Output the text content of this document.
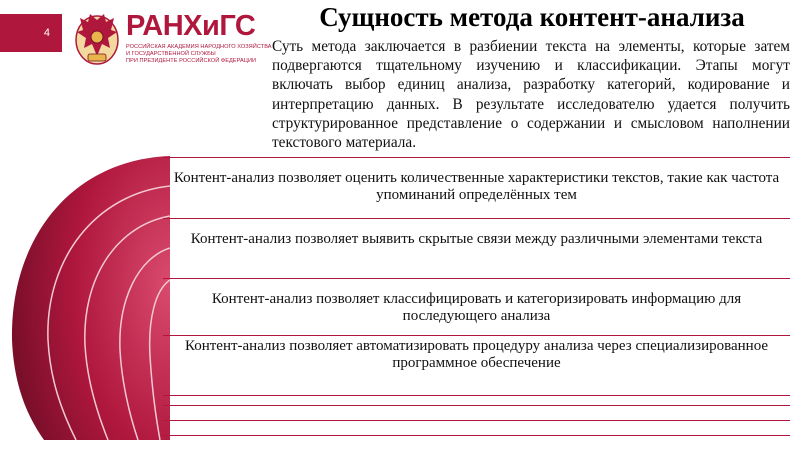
4	РАНХиГС
РОССИЙСКАЯ АКАДЕМИЯ НАРОДНОГО ХОЗЯЙСТВА
И ГОСУДАРСТВЕННОЙ СЛУЖБЫ
ПРИ ПРЕЗИДЕНТЕ РОССИЙСКОЙ ФЕДЕРАЦИИ
Сущность метода контент-анализа
Суть метода заключается в разбиении текста на элементы, которые затем подвергаются тщательному изучению и классификации. Этапы могут включать выбор единиц анализа, разработку категорий, кодирование и интерпретацию данных. В результате исследователю удается получить структурированное представление о содержании и смысловом наполнении текстового материала.
Контент-анализ позволяет оценить количественные характеристики текстов, такие как частота упоминаний определённых тем
Контент-анализ позволяет выявить скрытые связи между различными элементами текста
Контент-анализ позволяет классифицировать и категоризировать информацию для последующего анализа
Контент-анализ позволяет автоматизировать процедуру анализа через специализированное программное обеспечение
